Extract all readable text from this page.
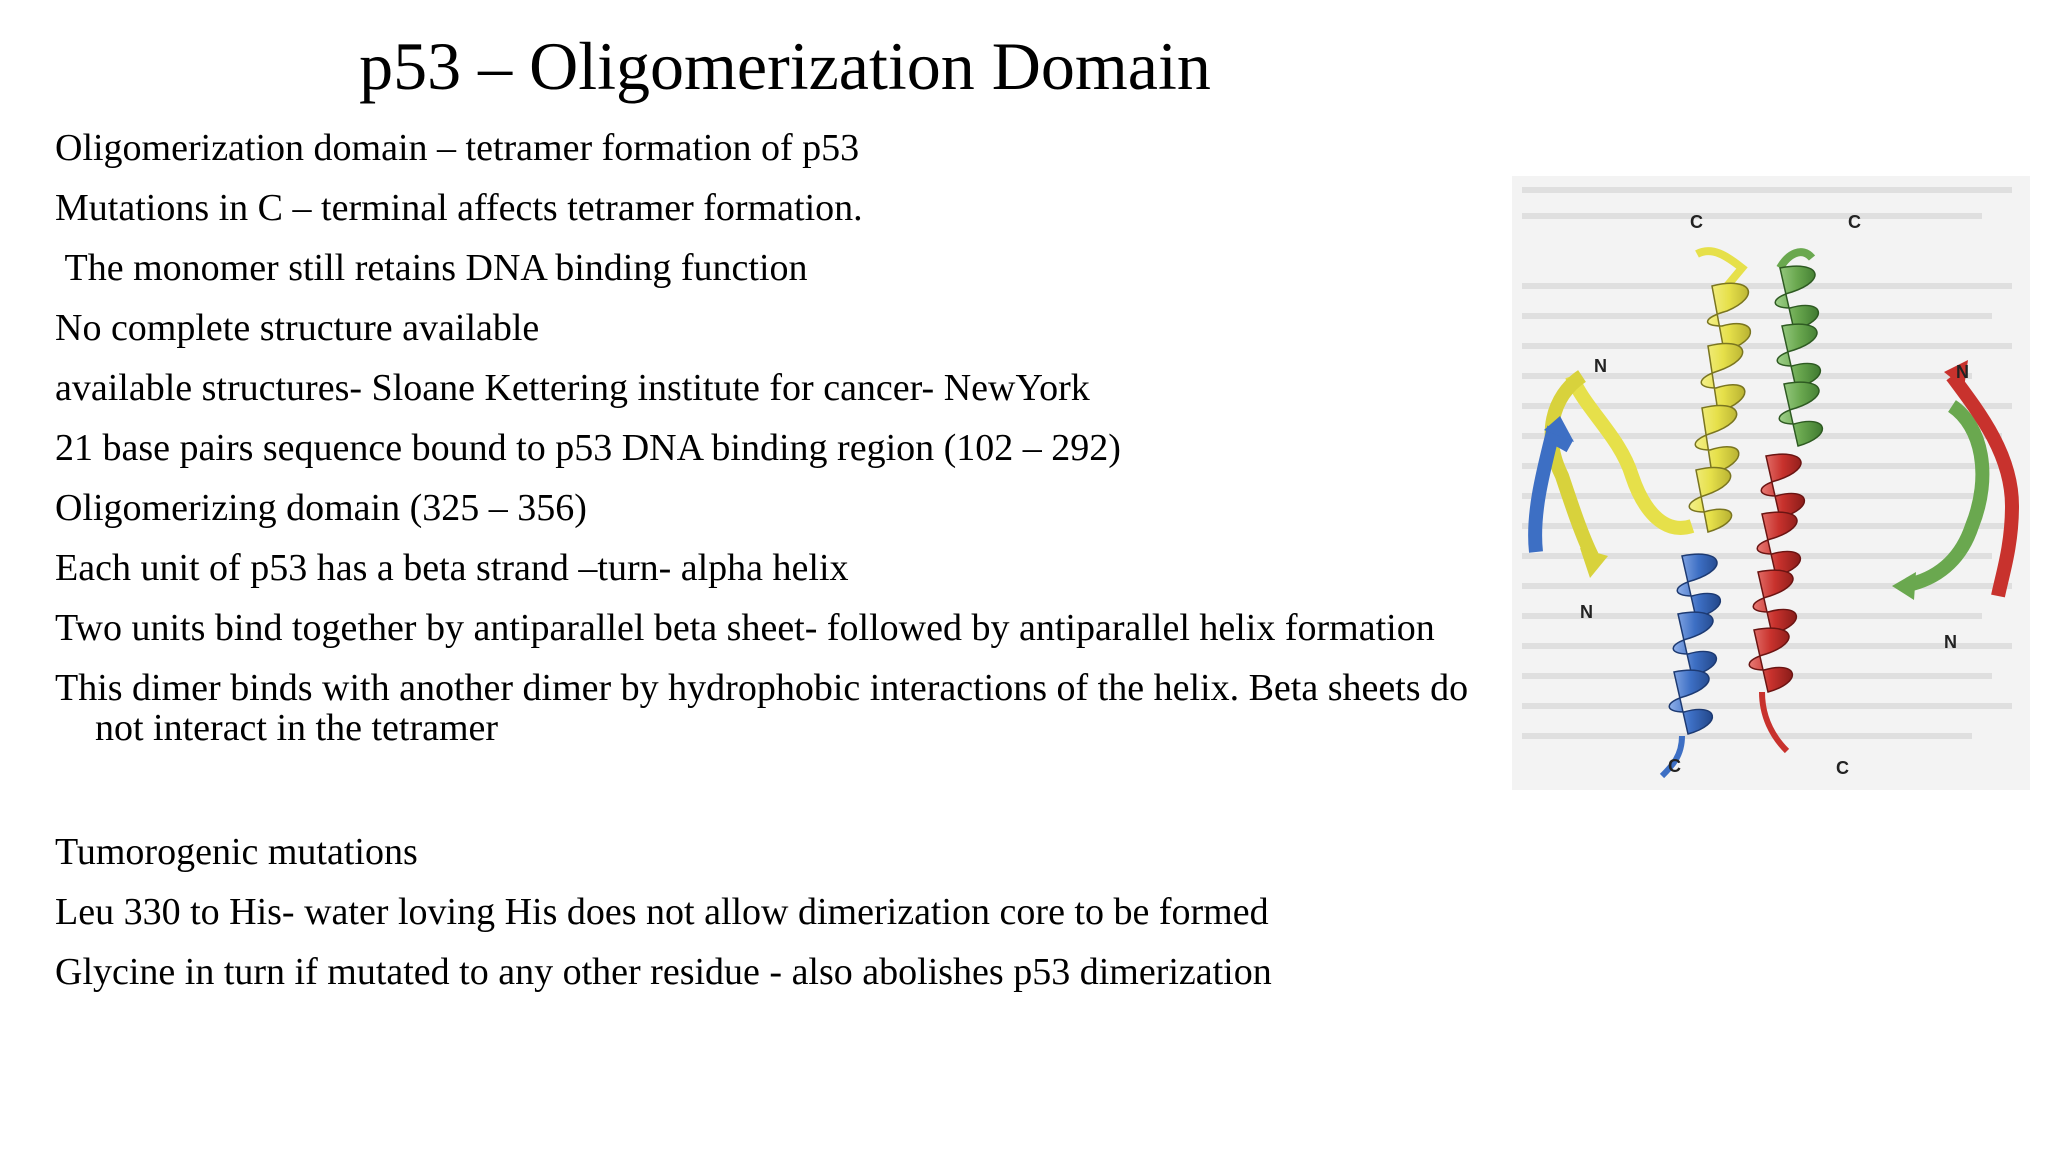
p53 – Oligomerization Domain
Oligomerization domain – tetramer formation of p53
Mutations in C – terminal affects tetramer formation.
The monomer still retains DNA binding function
No complete structure available
available structures- Sloane Kettering institute for cancer- NewYork
21 base pairs sequence bound to p53 DNA binding region (102 – 292)
Oligomerizing domain (325 – 356)
Each unit of p53 has a beta strand –turn- alpha helix
Two units bind together by antiparallel beta sheet- followed by antiparallel helix formation
This dimer binds with another dimer by hydrophobic interactions of the helix. Beta sheets do not interact in the tetramer
Tumorogenic mutations
Leu 330 to His- water loving His does not allow dimerization core to be formed
Glycine in turn if mutated to any other residue - also abolishes p53 dimerization
C	C
N	N
N
N
C	C
